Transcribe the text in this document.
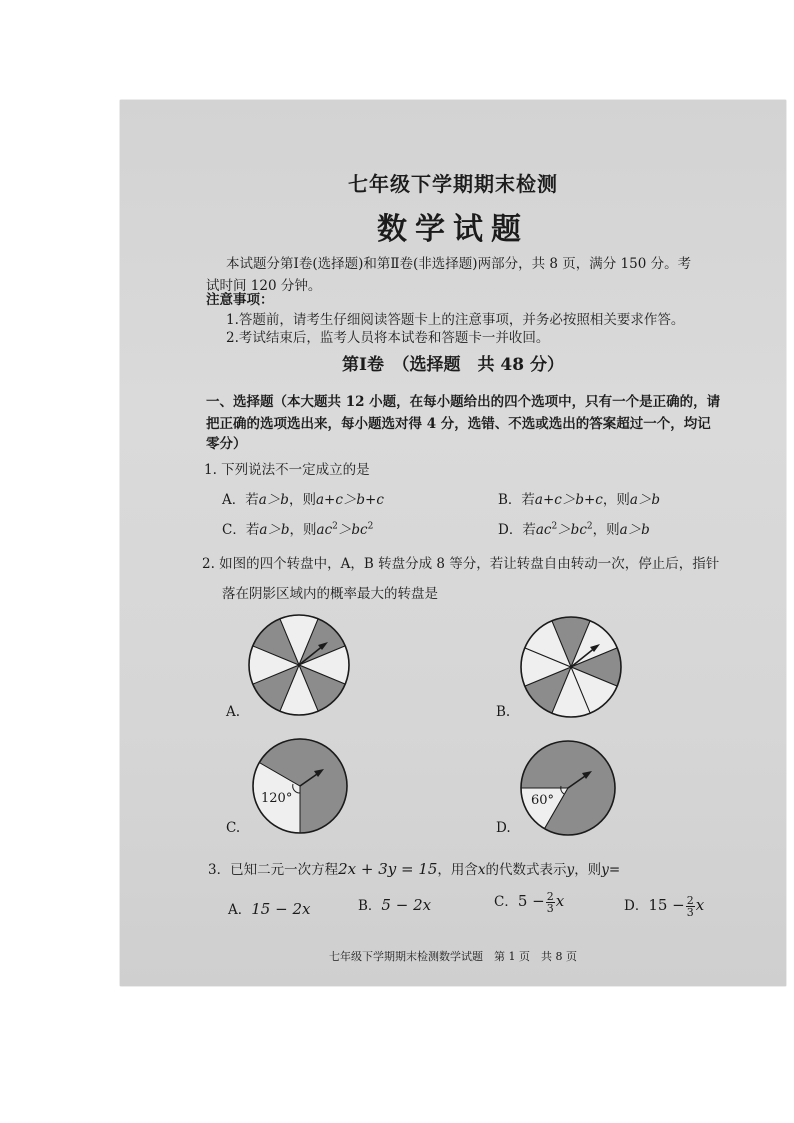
七年级下学期期末检测
数学试题
本试题分第Ⅰ卷(选择题)和第Ⅱ卷(非选择题)两部分，共 8 页，满分 150 分。考
试时间 120 分钟。
注意事项：
1.答题前，请考生仔细阅读答题卡上的注意事项，并务必按照相关要求作答。
2.考试结束后，监考人员将本试卷和答题卡一并收回。
第Ⅰ卷　（选择题　共 48 分）
一、选择题（本大题共 12 小题，在每小题给出的四个选项中，只有一个是正确的，请
把正确的选项选出来，每小题选对得 4 分，选错、不选或选出的答案超过一个，均记
零分）
1. 下列说法不一定成立的是
A．若a＞b，则a+c＞b+c	B．若a+c＞b+c，则a＞b
C．若a＞b，则$ac^2>bc^2$	D．若$ac^2>bc^2$，则a＞b
2. 如图的四个转盘中，A，B 转盘分成 8 等分，若让转盘自由转动一次，停止后，指针
落在阴影区域内的概率最大的转盘是
A.	B.
120°
C.
60°
D.
3．已知二元一次方程2x + 3y = 15，用含x的代数式表示y，则y=
A．15 − 2x	B．5 − 2x	C．$5 - \frac{2}{3}$ x	D．$15 - \frac{2}{3}$ x
七年级下学期期末检测数学试题　第 1 页　共 8 页
